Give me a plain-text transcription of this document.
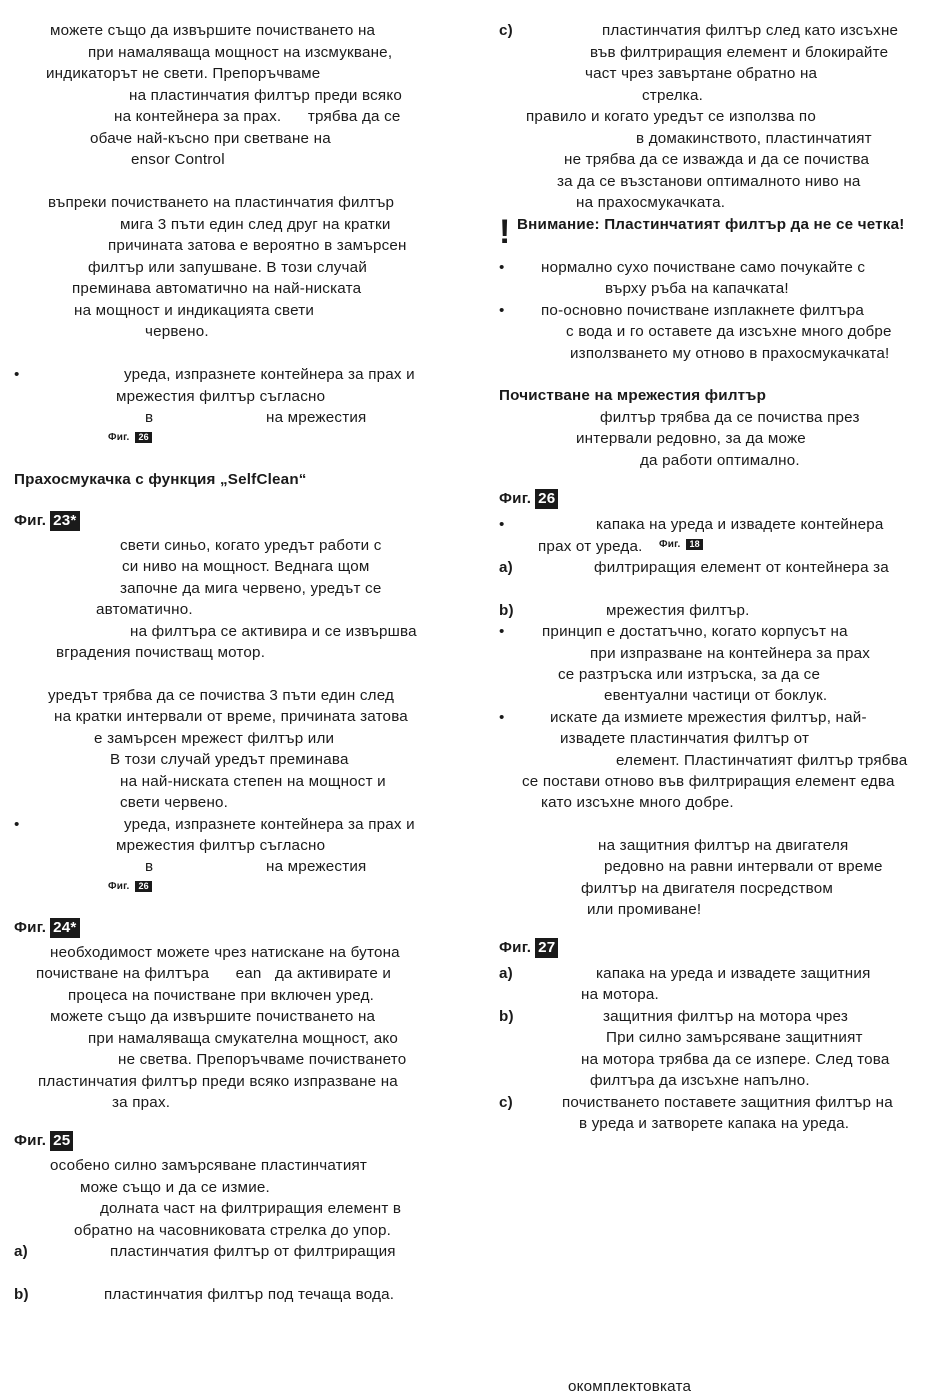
можете също да извършите почистването на
при намаляваща мощност на изсмукване,
индикаторът не свети. Препоръчваме
на пластинчатия филтър преди всяко
на контейнера за прах.      трябва да се
обаче най-късно при светване на
ensor Control
въпреки почистването на пластинчатия филтър
мига 3 пъти един след друг на кратки
причината затова е вероятно в замърсен
филтър или запушване. В този случай
преминава автоматично на най-ниската
на мощност и индикацията свети
червено.
•	уреда, изпразнете контейнера за прах и
мрежестия филтър съгласно
в	на мрежестия
Фиг. 26
Прахосмукачка с функция „SelfClean“
Фиг. 23*
свети синьо, когато уредът работи с
си ниво на мощност. Веднага щом
започне да мига червено, уредът се
автоматично.
на филтъра се активира и се извършва
вградения почистващ мотор.
уредът трябва да се почиства 3 пъти един след
на кратки интервали от време, причината затова
е замърсен мрежест филтър или
В този случай уредът преминава
на най-ниската степен на мощност и
свети червено.
•	уреда, изпразнете контейнера за прах и
мрежестия филтър съгласно
в	на мрежестия
Фиг. 26
Фиг. 24*
необходимост можете чрез натискане на бутона
почистване на филтъра      ean   да активирате и
процеса на почистване при включен уред.
можете също да извършите почистването на
при намаляваща смукателна мощност, ако
не светва. Препоръчваме почистването
пластинчатия филтър преди всяко изпразване на
за прах.
Фиг. 25
особено силно замърсяване пластинчатият
може също и да се измие.
долната част на филтриращия елемент в
обратно на часовниковата стрелка до упор.
a)	пластинчатия филтър от филтриращия
b)	пластинчатия филтър под течаща вода.
c)	пластинчатия филтър след като изсъхне
във филтриращия елемент и блокирайте
част чрез завъртане обратно на
стрелка.
правило и когато уредът се използва по
в домакинството, пластинчатият
не трябва да се изважда и да се почиства
за да се възстанови оптималното ниво на
на прахосмукачката.
! Внимание: Пластинчатият филтър да не се четка!
• нормално сухо почистване само почукайте с
върху ръба на капачката!
• по-основно почистване изплакнете филтъра
с вода и го оставете да изсъхне много добре
използването му отново в прахосмукачката!
Почистване на мрежестия филтър
филтър трябва да се почиства през
интервали редовно, за да може
да работи оптимално.
Фиг. 26
•	капака на уреда и извадете контейнера
прах от уреда. Фиг. 18
a)	филтриращия елемент от контейнера за
b)	мрежестия филтър.
• принцип е достатъчно, когато корпусът на
при изпразване на контейнера за прах
се разтръска или изтръска, за да се
евентуални частици от боклук.
•	искате да измиете мрежестия филтър, най-
извадете пластинчатия филтър от
елемент. Пластинчатият филтър трябва
се постави отново във филтриращия елемент едва
като изсъхне много добре.
на защитния филтър на двигателя
редовно на равни интервали от време
филтър на двигателя посредством
или промиване!
Фиг. 27
a)	капака на уреда и извадете защитния
на мотора.
b)	защитния филтър на мотора чрез
При силно замърсяване защитният
на мотора трябва да се изпере. След това
филтъра да изсъхне напълно.
c)	почистването поставете защитния филтър на
в уреда и затворете капака на уреда.
окомплектовката
